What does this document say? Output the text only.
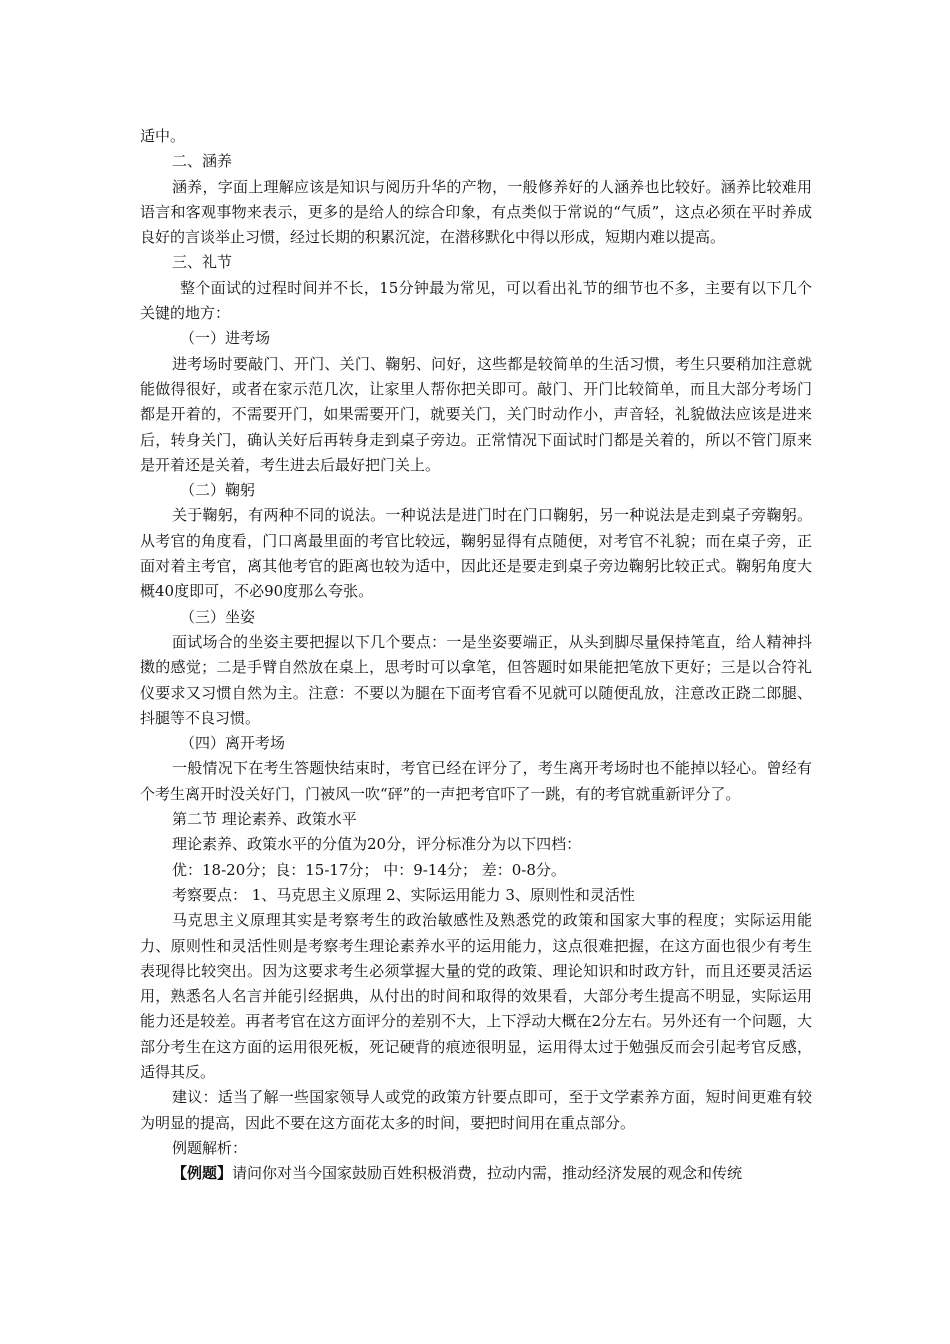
适中。

二、涵养

涵养，字面上理解应该是知识与阅历升华的产物，一般修养好的人涵养也比较好。涵养比较难用语言和客观事物来表示，更多的是给人的综合印象，有点类似于常说的“气质”，这点必须在平时养成良好的言谈举止习惯，经过长期的积累沉淀，在潜移默化中得以形成，短期内难以提高。

三、礼节

整个面试的过程时间并不长，15分钟最为常见，可以看出礼节的细节也不多，主要有以下几个关键的地方：

（一）进考场

进考场时要敲门、开门、关门、鞠躬、问好，这些都是较简单的生活习惯，考生只要稍加注意就能做得很好，或者在家示范几次，让家里人帮你把关即可。敲门、开门比较简单，而且大部分考场门都是开着的，不需要开门，如果需要开门，就要关门，关门时动作小，声音轻，礼貌做法应该是进来后，转身关门，确认关好后再转身走到桌子旁边。正常情况下面试时门都是关着的，所以不管门原来是开着还是关着，考生进去后最好把门关上。

（二）鞠躬

关于鞠躬，有两种不同的说法。一种说法是进门时在门口鞠躬，另一种说法是走到桌子旁鞠躬。从考官的角度看，门口离最里面的考官比较远，鞠躬显得有点随便，对考官不礼貌；而在桌子旁，正面对着主考官，离其他考官的距离也较为适中，因此还是要走到桌子旁边鞠躬比较正式。鞠躬角度大概40度即可，不必90度那么夸张。

（三）坐姿

面试场合的坐姿主要把握以下几个要点：一是坐姿要端正，从头到脚尽量保持笔直，给人精神抖擞的感觉；二是手臂自然放在桌上，思考时可以拿笔，但答题时如果能把笔放下更好；三是以合符礼仪要求又习惯自然为主。注意：不要以为腿在下面考官看不见就可以随便乱放，注意改正跷二郎腿、抖腿等不良习惯。

（四）离开考场

一般情况下在考生答题快结束时，考官已经在评分了，考生离开考场时也不能掉以轻心。曾经有个考生离开时没关好门，门被风一吹“砰”的一声把考官吓了一跳，有的考官就重新评分了。

第二节 理论素养、政策水平

理论素养、政策水平的分值为20分，评分标准分为以下四档：

优：18-20分；良：15-17分； 中：9-14分； 差：0-8分。

考察要点： 1、马克思主义原理 2、实际运用能力 3、原则性和灵活性

马克思主义原理其实是考察考生的政治敏感性及熟悉党的政策和国家大事的程度；实际运用能力、原则性和灵活性则是考察考生理论素养水平的运用能力，这点很难把握，在这方面也很少有考生表现得比较突出。因为这要求考生必须掌握大量的党的政策、理论知识和时政方针，而且还要灵活运用，熟悉名人名言并能引经据典，从付出的时间和取得的效果看，大部分考生提高不明显，实际运用能力还是较差。再者考官在这方面评分的差别不大，上下浮动大概在2分左右。另外还有一个问题，大部分考生在这方面的运用很死板，死记硬背的痕迹很明显，运用得太过于勉强反而会引起考官反感，适得其反。

建议：适当了解一些国家领导人或党的政策方针要点即可，至于文学素养方面，短时间更难有较为明显的提高，因此不要在这方面花太多的时间，要把时间用在重点部分。

例题解析：

【例题】请问你对当今国家鼓励百姓积极消费，拉动内需，推动经济发展的观念和传统
